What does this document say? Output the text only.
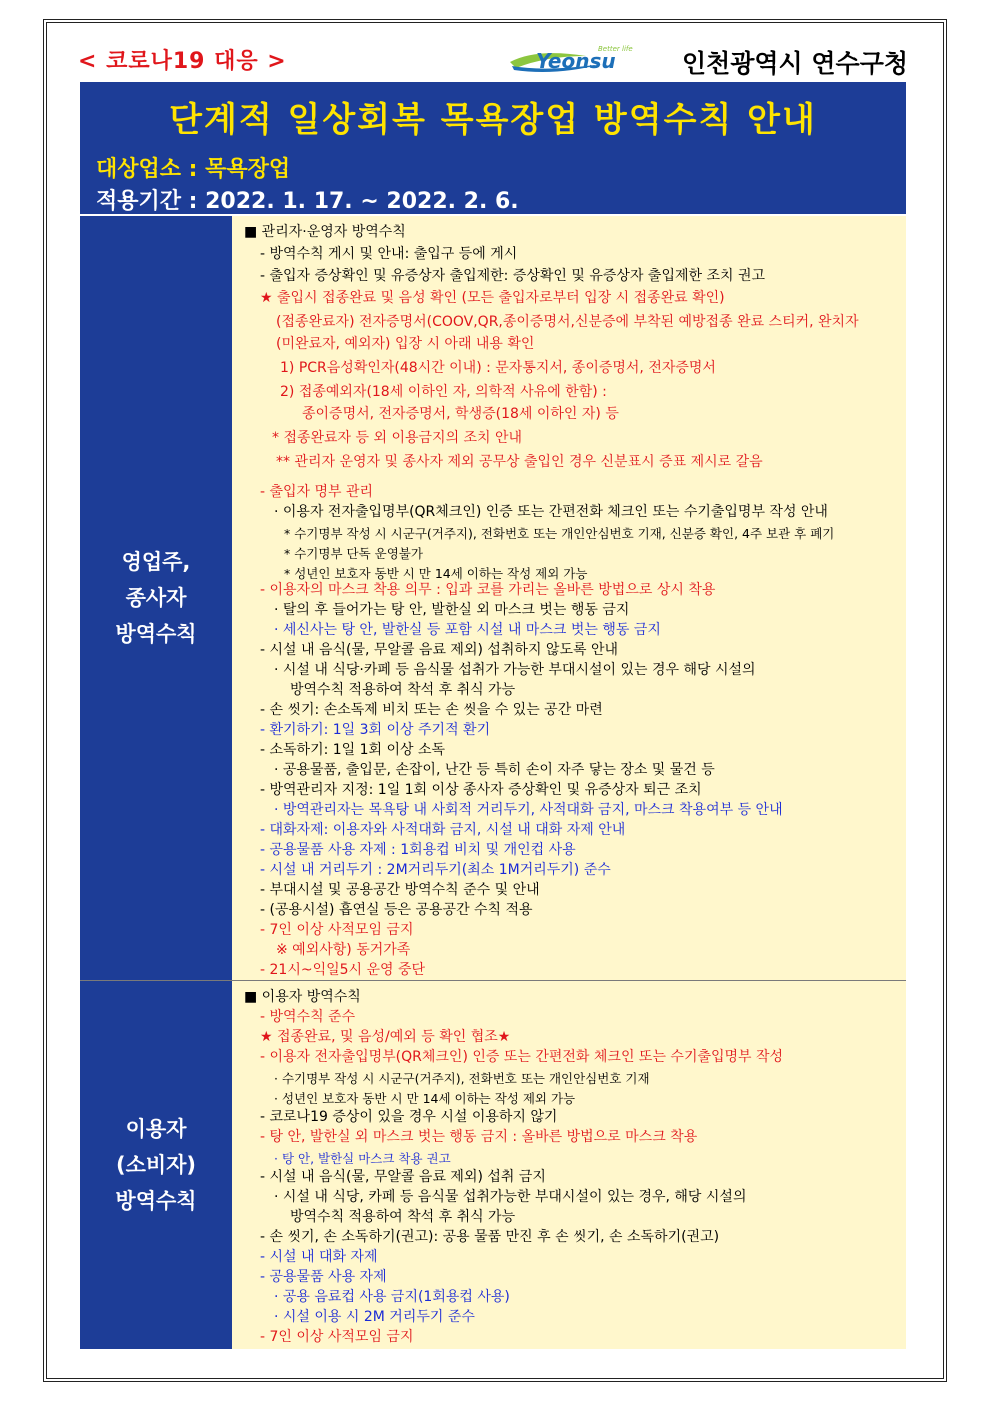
< 코로나19 대응 >	Yeonsu
Better life 인천광역시 연수구청
단계적 일상회복 목욕장업 방역수칙 안내
대상업소 : 목욕장업
적용기간 : 2022. 1. 17. ~ 2022. 2. 6.
영업주,
종사자
방역수칙
■ 관리자·운영자 방역수칙
- 방역수칙 게시 및 안내: 출입구 등에 게시
- 출입자 증상확인 및 유증상자 출입제한: 증상확인 및 유증상자 출입제한 조치 권고
★ 출입시 접종완료 및 음성 확인 (모든 출입자로부터 입장 시 접종완료 확인)
(접종완료자) 전자증명서(COOV,QR,종이증명서,신분증에 부착된 예방접종 완료 스티커, 완치자
(미완료자, 예외자) 입장 시 아래 내용 확인
1) PCR음성확인자(48시간 이내) : 문자통지서, 종이증명서, 전자증명서
2) 접종예외자(18세 이하인 자, 의학적 사유에 한함) :
종이증명서, 전자증명서, 학생증(18세 이하인 자) 등
* 접종완료자 등 외 이용금지의 조치 안내
** 관리자 운영자 및 종사자 제외 공무상 출입인 경우 신분표시 증표 제시로 갈음
- 출입자 명부 관리
· 이용자 전자출입명부(QR체크인) 인증 또는 간편전화 체크인 또는 수기출입명부 작성 안내
* 수기명부 작성 시 시군구(거주지), 전화번호 또는 개인안심번호 기재, 신분증 확인, 4주 보관 후 폐기
* 수기명부 단독 운영불가
* 성년인 보호자 동반 시 만 14세 이하는 작성 제외 가능
- 이용자의 마스크 착용 의무 : 입과 코를 가리는 올바른 방법으로 상시 착용
· 탈의 후 들어가는 탕 안, 발한실 외 마스크 벗는 행동 금지
· 세신사는 탕 안, 발한실 등 포함 시설 내 마스크 벗는 행동 금지
- 시설 내 음식(물, 무알콜 음료 제외) 섭취하지 않도록 안내
· 시설 내 식당·카페 등 음식물 섭취가 가능한 부대시설이 있는 경우 해당 시설의
방역수칙 적용하여 착석 후 취식 가능
- 손 씻기: 손소독제 비치 또는 손 씻을 수 있는 공간 마련
- 환기하기: 1일 3회 이상 주기적 환기
- 소독하기: 1일 1회 이상 소독
· 공용물품, 출입문, 손잡이, 난간 등 특히 손이 자주 닿는 장소 및 물건 등
- 방역관리자 지정: 1일 1회 이상 종사자 증상확인 및 유증상자 퇴근 조치
· 방역관리자는 목욕탕 내 사회적 거리두기, 사적대화 금지, 마스크 착용여부 등 안내
- 대화자제: 이용자와 사적대화 금지, 시설 내 대화 자제 안내
- 공용물품 사용 자제 : 1회용컵 비치 및 개인컵 사용
- 시설 내 거리두기 : 2M거리두기(최소 1M거리두기) 준수
- 부대시설 및 공용공간 방역수칙 준수 및 안내
- (공용시설) 흡연실 등은 공용공간 수칙 적용
- 7인 이상 사적모임 금지
※ 예외사항) 동거가족
- 21시~익일5시 운영 중단
이용자
(소비자)
방역수칙
■ 이용자 방역수칙
- 방역수칙 준수
★ 접종완료, 및 음성/예외 등 확인 협조★
- 이용자 전자출입명부(QR체크인) 인증 또는 간편전화 체크인 또는 수기출입명부 작성
· 수기명부 작성 시 시군구(거주지), 전화번호 또는 개인안심번호 기재
· 성년인 보호자 동반 시 만 14세 이하는 작성 제외 가능
- 코로나19 증상이 있을 경우 시설 이용하지 않기
- 탕 안, 발한실 외 마스크 벗는 행동 금지 : 올바른 방법으로 마스크 착용
· 탕 안, 발한실 마스크 착용 권고
- 시설 내 음식(물, 무알콜 음료 제외) 섭취 금지
· 시설 내 식당, 카페 등 음식물 섭취가능한 부대시설이 있는 경우, 해당 시설의
방역수칙 적용하여 착석 후 취식 가능
- 손 씻기, 손 소독하기(권고): 공용 물품 만진 후 손 씻기, 손 소독하기(권고)
- 시설 내 대화 자제
- 공용물품 사용 자제
· 공용 음료컵 사용 금지(1회용컵 사용)
· 시설 이용 시 2M 거리두기 준수
- 7인 이상 사적모임 금지
